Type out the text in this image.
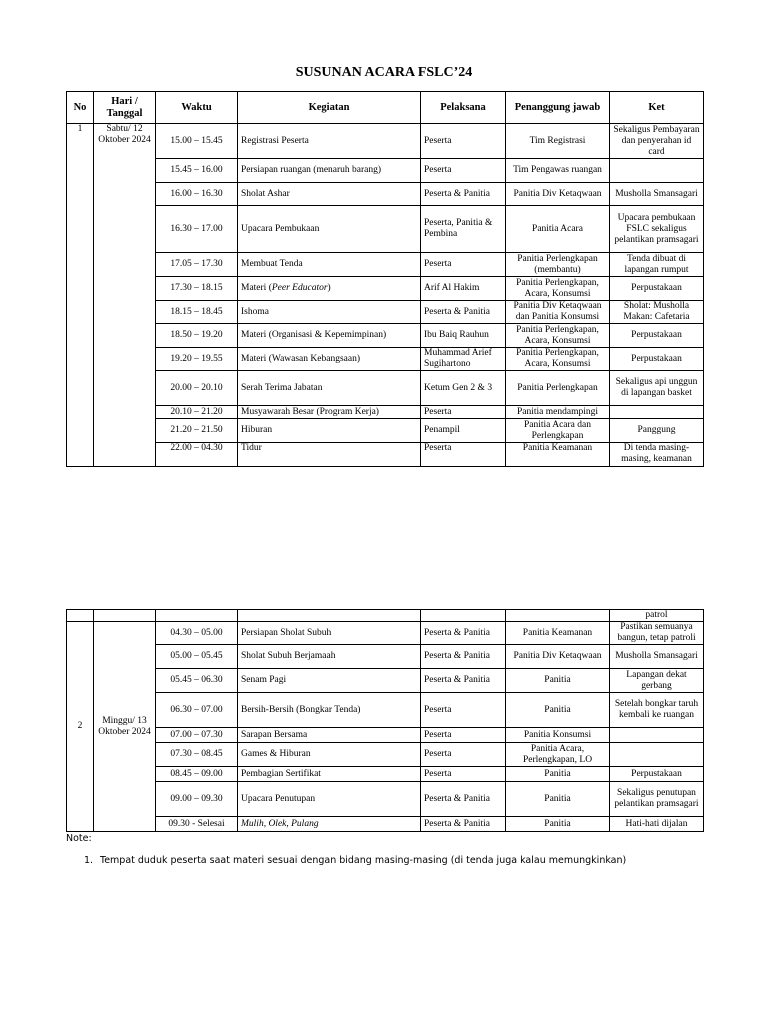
SUSUNAN ACARA FSLC’24
No	Hari / Tanggal	Waktu	Kegiatan	Pelaksana	Penanggung jawab	Ket
1	Sabtu/ 12 Oktober 2024	15.00 – 15.45	Registrasi Peserta	Peserta	Tim Registrasi	Sekaligus Pembayaran dan penyerahan id card
		15.45 – 16.00	Persiapan ruangan (menaruh barang)	Peserta	Tim Pengawas ruangan	
		16.00 – 16.30	Sholat Ashar	Peserta & Panitia	Panitia Div Ketaqwaan	Musholla Smansagari
		16.30 – 17.00	Upacara Pembukaan	Peserta, Panitia & Pembina	Panitia Acara	Upacara pembukaan FSLC sekaligus pelantikan pramsagari
		17.05 – 17.30	Membuat Tenda	Peserta	Panitia Perlengkapan (membantu)	Tenda dibuat di lapangan rumput
		17.30 – 18.15	Materi (Peer Educator)	Arif Al Hakim	Panitia Perlengkapan, Acara, Konsumsi	Perpustakaan
		18.15 – 18.45	Ishoma	Peserta & Panitia	Panitia Div Ketaqwaan dan Panitia Konsumsi	Sholat: Musholla Makan: Cafetaria
		18.50 – 19.20	Materi (Organisasi & Kepemimpinan)	Ibu Baiq Rauhun	Panitia Perlengkapan, Acara, Konsumsi	Perpustakaan
		19.20 – 19.55	Materi (Wawasan Kebangsaan)	Muhammad Arief Sugihartono	Panitia Perlengkapan, Acara, Konsumsi	Perpustakaan
		20.00 – 20.10	Serah Terima Jabatan	Ketum Gen 2 & 3	Panitia Perlengkapan	Sekaligus api unggun di lapangan basket
		20.10 – 21.20	Musyawarah Besar (Program Kerja)	Peserta	Panitia mendampingi	
		21.20 – 21.50	Hiburan	Penampil	Panitia Acara dan Perlengkapan	Panggung
		22.00 – 04.30	Tidur	Peserta	Panitia Keamanan	Di tenda masing-masing, keamanan
						patrol
2	Minggu/ 13 Oktober 2024	04.30 – 05.00	Persiapan Sholat Subuh	Peserta & Panitia	Panitia Keamanan	Pastikan semuanya bangun, tetap patroli
		05.00 – 05.45	Sholat Subuh Berjamaah	Peserta & Panitia	Panitia Div Ketaqwaan	Musholla Smansagari
		05.45 – 06.30	Senam Pagi	Peserta & Panitia	Panitia	Lapangan dekat gerbang
		06.30 – 07.00	Bersih-Bersih (Bongkar Tenda)	Peserta	Panitia	Setelah bongkar taruh kembali ke ruangan
		07.00 – 07.30	Sarapan Bersama	Peserta	Panitia Konsumsi	
		07.30 – 08.45	Games & Hiburan	Peserta	Panitia Acara, Perlengkapan, LO	
		08.45 – 09.00	Pembagian Sertifikat	Peserta	Panitia	Perpustakaan
		09.00 – 09.30	Upacara Penutupan	Peserta & Panitia	Panitia	Sekaligus penutupan pelantikan pramsagari
		09.30 - Selesai	Mulih, Olek, Pulang	Peserta & Panitia	Panitia	Hati-hati dijalan
Note:
1. Tempat duduk peserta saat materi sesuai dengan bidang masing-masing (di tenda juga kalau memungkinkan)
